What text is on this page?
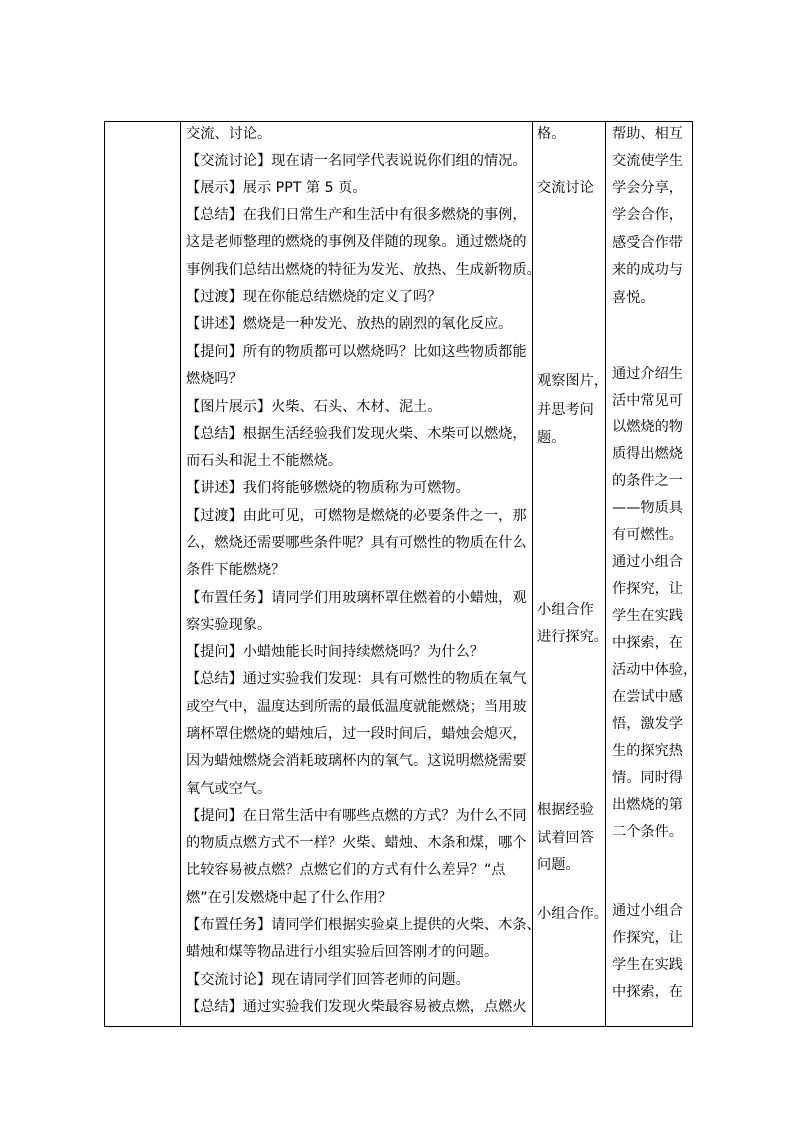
交流、讨论。
【交流讨论】现在请一名同学代表说说你们组的情况。
【展示】展示 PPT 第 5 页。
【总结】在我们日常生产和生活中有很多燃烧的事例，
这是老师整理的燃烧的事例及伴随的现象。通过燃烧的
事例我们总结出燃烧的特征为发光、放热、生成新物质。
【过渡】现在你能总结燃烧的定义了吗？
【讲述】燃烧是一种发光、放热的剧烈的氧化反应。
【提问】所有的物质都可以燃烧吗？比如这些物质都能
燃烧吗？
【图片展示】火柴、石头、木材、泥土。
【总结】根据生活经验我们发现火柴、木柴可以燃烧，
而石头和泥土不能燃烧。
【讲述】我们将能够燃烧的物质称为可燃物。
【过渡】由此可见，可燃物是燃烧的必要条件之一，那
么，燃烧还需要哪些条件呢？具有可燃性的物质在什么
条件下能燃烧？
【布置任务】请同学们用玻璃杯罩住燃着的小蜡烛，观
察实验现象。
【提问】小蜡烛能长时间持续燃烧吗？为什么？
【总结】通过实验我们发现：具有可燃性的物质在氧气
或空气中，温度达到所需的最低温度就能燃烧；当用玻
璃杯罩住燃烧的蜡烛后，过一段时间后，蜡烛会熄灭，
因为蜡烛燃烧会消耗玻璃杯内的氧气。这说明燃烧需要
氧气或空气。
【提问】在日常生活中有哪些点燃的方式？为什么不同
的物质点燃方式不一样？火柴、蜡烛、木条和煤，哪个
比较容易被点燃？点燃它们的方式有什么差异？“点
燃”在引发燃烧中起了什么作用？
【布置任务】请同学们根据实验桌上提供的火柴、木条、
蜡烛和煤等物品进行小组实验后回答刚才的问题。
【交流讨论】现在请同学们回答老师的问题。
【总结】通过实验我们发现火柴最容易被点燃，点燃火
格。
交流讨论
观察图片，
并思考问
题。
小组合作
进行探究。
根据经验
试着回答
问题。
小组合作。
帮助、相互
交流使学生
学会分享，
学会合作，
感受合作带
来的成功与
喜悦。
通过介绍生
活中常见可
以燃烧的物
质得出燃烧
的条件之一
——物质具
有可燃性。
通过小组合
作探究，让
学生在实践
中探索，在
活动中体验，
在尝试中感
悟，激发学
生的探究热
情。同时得
出燃烧的第
二个条件。
通过小组合
作探究，让
学生在实践
中探索，在
